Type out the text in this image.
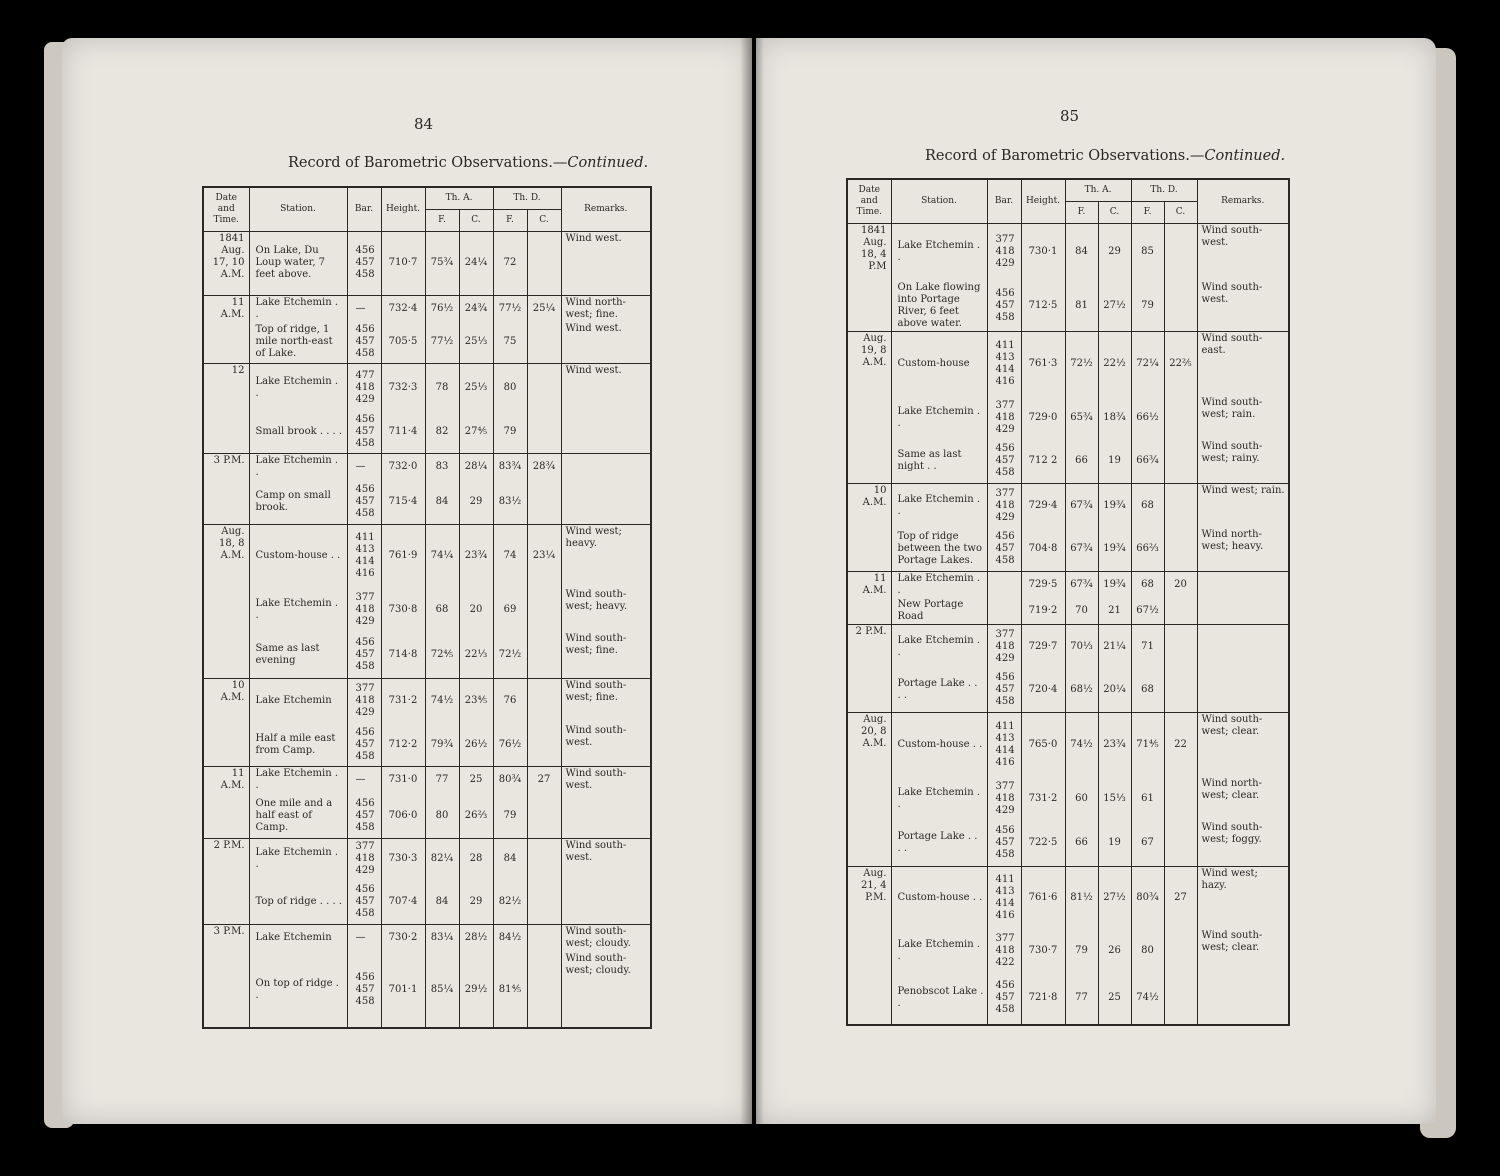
84
Record of Barometric Observations.—Continued.
Date and Time.	Station.	Bar.	Height.	Th. A.		Th. D.		Remarks.
				F.	C.	F.	C.	
1841 Aug. 17, 10 A.M.	On Lake, Du Loup water, 7 feet above.	456
457
458	710·7	75¾	24¼	72		Wind west.
11 A.M.	Lake Etchemin . .	—	732·4	76½	24¾	77½	25¼	Wind north-west; fine.
	Top of ridge, 1 mile north-east of Lake.	456
457
458	705·5	77½	25⅓	75		Wind west.
12	Lake Etchemin . .	477
418
429	732·3	78	25⅓	80		Wind west.
	Small brook . . . .	456
457
458	711·4	82	27⅘	79		
3 P.M.	Lake Etchemin . .	—	732·0	83	28¼	83¾	28¾	
	Camp on small brook.	456
457
458	715·4	84	29	83½		
Aug. 18, 8 A.M.	Custom-house . .	411
413
414
416	761·9	74¼	23¾	74	23¼	Wind west; heavy.
	Lake Etchemin . .	377
418
429	730·8	68	20	69		Wind south-west; heavy.
	Same as last evening	456
457
458	714·8	72⅘	22⅓	72½		Wind south-west; fine.
10 A.M.	Lake Etchemin	377
418
429	731·2	74½	23⅘	76		Wind south-west; fine.
	Half a mile east from Camp.	456
457
458	712·2	79¾	26½	76½		Wind south-west.
11 A.M.	Lake Etchemin . .	—	731·0	77	25	80¾	27	Wind south-west.
	One mile and a half east of Camp.	456
457
458	706·0	80	26⅔	79		
2 P.M.	Lake Etchemin . .	377
418
429	730·3	82¼	28	84		Wind south-west.
	Top of ridge . . . .	456
457
458	707·4	84	29	82½		
3 P.M.	Lake Etchemin	—	730·2	83¼	28½	84½		Wind south-west; cloudy.
	On top of ridge . .	456
457
458	701·1	85¼	29½	81⅘		Wind south-west; cloudy.
85
Record of Barometric Observations.—Continued.
Date and Time.	Station.	Bar.	Height.	Th. A.		Th. D.		Remarks.
				F.	C.	F.	C.	
1841 Aug. 18, 4 P.M	Lake Etchemin . .	377
418
429	730·1	84	29	85		Wind south-west.
	On Lake flowing into Portage River, 6 feet above water.	456
457
458	712·5	81	27½	79		Wind south-west.
Aug. 19, 8 A.M.	Custom-house	411
413
414
416	761·3	72½	22½	72¼	22⅖	Wind south-east.
	Lake Etchemin . .	377
418
429	729·0	65¾	18¾	66½		Wind south-west; rain.
	Same as last night . .	456
457
458	712 2	66	19	66¾		Wind south-west; rainy.
10 A.M.	Lake Etchemin . .	377
418
429	729·4	67¾	19¾	68		Wind west; rain.
	Top of ridge between the two Portage Lakes.	456
457
458	704·8	67¾	19¾	66⅔		Wind north-west; heavy.
11 A.M.	Lake Etchemin . .		729·5	67¾	19¾	68	20	
	New Portage Road		719·2	70	21	67½		
2 P.M.	Lake Etchemin . .	377
418
429	729·7	70⅓	21¼	71		
	Portage Lake . . . .	456
457
458	720·4	68½	20¼	68		
Aug. 20, 8 A.M.	Custom-house . .	411
413
414
416	765·0	74½	23¾	71⅘	22	Wind south-west; clear.
	Lake Etchemin . .	377
418
429	731·2	60	15⅓	61		Wind north-west; clear.
	Portage Lake . . . .	456
457
458	722·5	66	19	67		Wind south-west; foggy.
Aug. 21, 4 P.M.	Custom-house . .	411
413
414
416	761·6	81½	27½	80¾	27	Wind west; hazy.
	Lake Etchemin . .	377
418
422	730·7	79	26	80		Wind south-west; clear.
	Penobscot Lake . .	456
457
458	721·8	77	25	74½		
